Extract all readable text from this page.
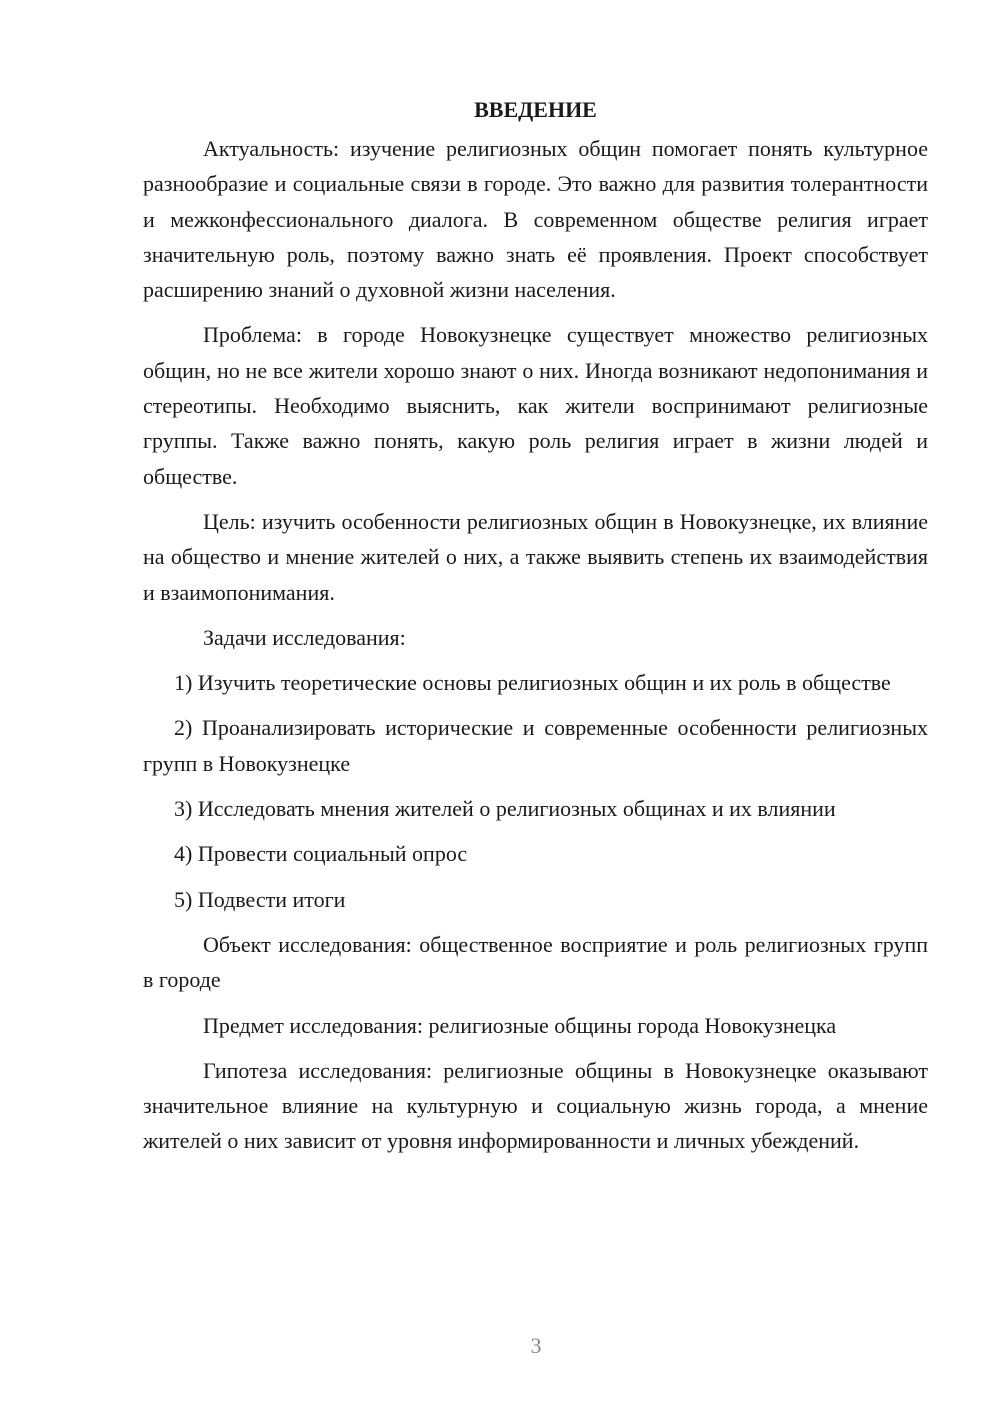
ВВЕДЕНИЕ

Актуальность: изучение религиозных общин помогает понять культурное разнообразие и социальные связи в городе. Это важно для развития толерантности и межконфессионального диалога. В современном обществе религия играет значительную роль, поэтому важно знать её проявления. Проект способствует расширению знаний о духовной жизни населения.

Проблема: в городе Новокузнецке существует множество религиозных общин, но не все жители хорошо знают о них. Иногда возникают недопонимания и стереотипы. Необходимо выяснить, как жители воспринимают религиозные группы. Также важно понять, какую роль религия играет в жизни людей и обществе.

Цель: изучить особенности религиозных общин в Новокузнецке, их влияние на общество и мнение жителей о них, а также выявить степень их взаимодействия и взаимопонимания.

Задачи исследования:

1) Изучить теоретические основы религиозных общин и их роль в обществе

2) Проанализировать исторические и современные особенности религиозных групп в Новокузнецке

3) Исследовать мнения жителей о религиозных общинах и их влиянии

4) Провести социальный опрос

5) Подвести итоги

Объект исследования: общественное восприятие и роль религиозных групп в городе

Предмет исследования: религиозные общины города Новокузнецка

Гипотеза исследования: религиозные общины в Новокузнецке оказывают значительное влияние на культурную и социальную жизнь города, а мнение жителей о них зависит от уровня информированности и личных убеждений.

3
